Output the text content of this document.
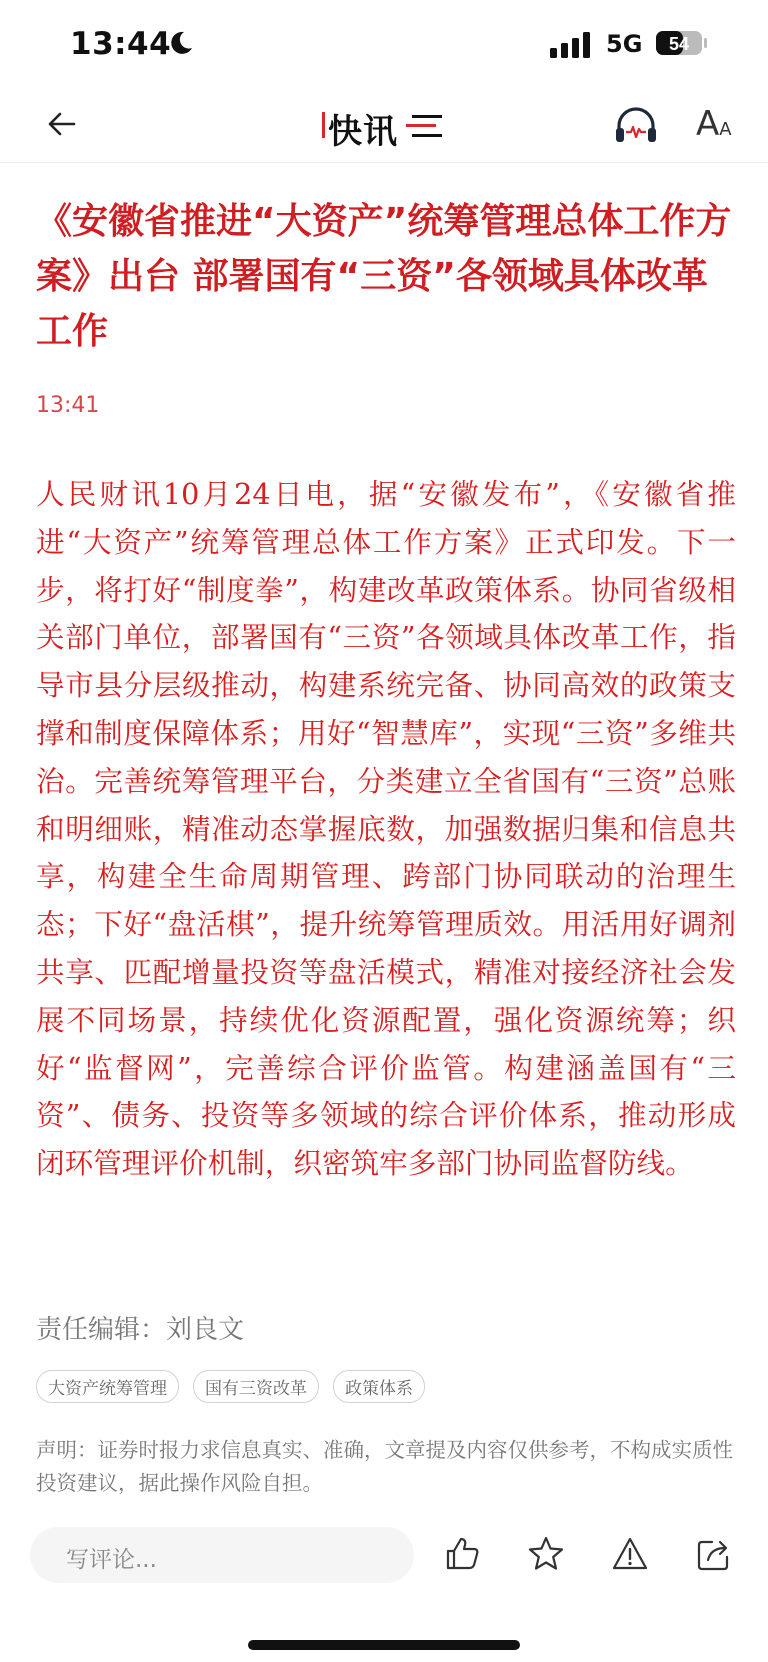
13:44	5G 54
快讯	AA
《安徽省推进“大资产”统筹管理总体工作方案》出台 部署国有“三资”各领域具体改革工作
13:41

人民财讯10月24日电，据“安徽发布”，《安徽省推进“大资产”统筹管理总体工作方案》正式印发。下一步，将打好“制度拳”，构建改革政策体系。协同省级相关部门单位，部署国有“三资”各领域具体改革工作，指导市县分层级推动，构建系统完备、协同高效的政策支撑和制度保障体系；用好“智慧库”，实现“三资”多维共治。完善统筹管理平台，分类建立全省国有“三资”总账和明细账，精准动态掌握底数，加强数据归集和信息共享，构建全生命周期管理、跨部门协同联动的治理生态；下好“盘活棋”，提升统筹管理质效。用活用好调剂共享、匹配增量投资等盘活模式，精准对接经济社会发展不同场景，持续优化资源配置，强化资源统筹；织好“监督网”，完善综合评价监管。构建涵盖国有“三资”、债务、投资等多领域的综合评价体系，推动形成闭环管理评价机制，织密筑牢多部门协同监督防线。

责任编辑：刘良文
大资产统筹管理	国有三资改革	政策体系

声明：证券时报力求信息真实、准确，文章提及内容仅供参考，不构成实质性投资建议，据此操作风险自担。

写评论...
